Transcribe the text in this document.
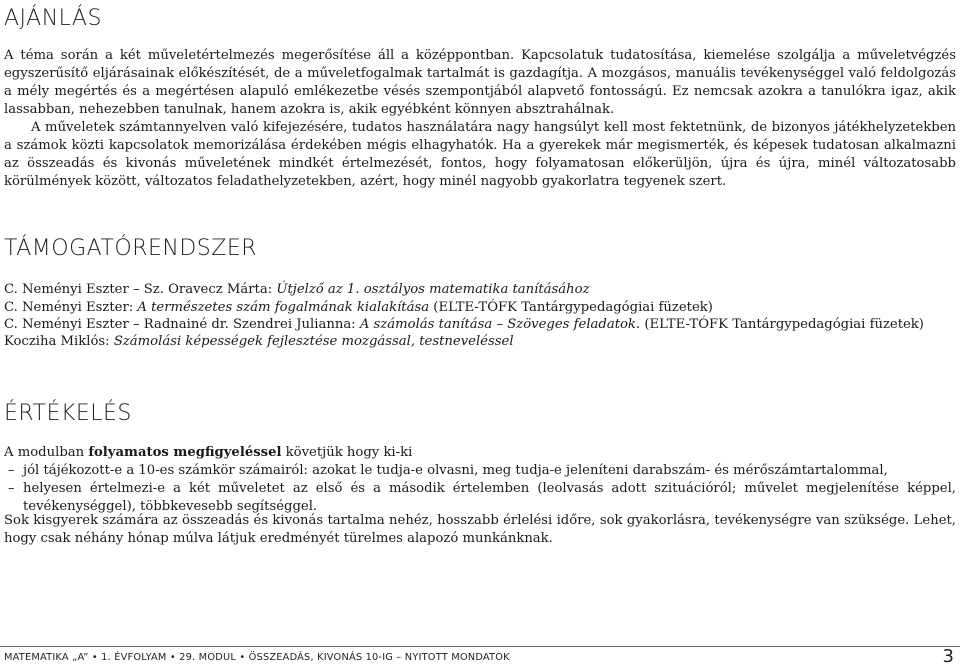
AJÁNLÁS

A téma során a két műveletértelmezés megerősítése áll a középpontban. Kapcsolatuk tudatosítása, kiemelése szolgálja a műveletvégzés egyszerűsítő eljárásainak előkészítését, de a műveletfogalmak tartalmát is gazdagítja. A mozgásos, manuális tevékenységgel való feldolgozás a mély megértés és a megértésen alapuló emlékezetbe vésés szempontjából alapvető fontosságú. Ez nemcsak azokra a tanulókra igaz, akik lassabban, nehezebben tanulnak, hanem azokra is, akik egyébként könnyen absztrahálnak.

A műveletek számtannyelven való kifejezésére, tudatos használatára nagy hangsúlyt kell most fektetnünk, de bizonyos játékhelyzetekben a számok közti kapcsolatok memorizálása érdekében mégis elhagyhatók. Ha a gyerekek már megismerték, és képesek tudatosan alkalmazni az összeadás és kivonás műveletének mindkét értelmezését, fontos, hogy folyamatosan előkerüljön, újra és újra, minél változatosabb körülmények között, változatos feladathelyzetekben, azért, hogy minél nagyobb gyakorlatra tegyenek szert.

TÁMOGATÓRENDSZER

C. Neményi Eszter – Sz. Oravecz Márta: Útjelző az 1. osztályos matematika tanításához

C. Neményi Eszter: A természetes szám fogalmának kialakítása (ELTE-TÓFK Tantárgypedagógiai füzetek)

C. Neményi Eszter – Radnainé dr. Szendrei Julianna: A számolás tanítása – Szöveges feladatok. (ELTE-TÓFK Tantárgypedagógiai füzetek)

Kocziha Miklós: Számolási képességek fejlesztése mozgással, testneveléssel

ÉRTÉKELÉS

A modulban folyamatos megfigyeléssel követjük hogy ki-ki

– jól tájékozott-e a 10-es számkör számairól: azokat le tudja-e olvasni, meg tudja-e jeleníteni darabszám- és mérőszámtartalommal,
– helyesen értelmezi-e a két műveletet az első és a második értelemben (leolvasás adott szituációról; művelet megjelenítése képpel, tevékenységgel), többkevesebb segítséggel.

Sok kisgyerek számára az összeadás és kivonás tartalma nehéz, hosszabb érlelési időre, sok gyakorlásra, tevékenységre van szüksége. Lehet, hogy csak néhány hónap múlva látjuk eredményét türelmes alapozó munkánknak.

MATEMATIKA „A” • 1. ÉVFOLYAM • 29. MODUL • ÖSSZEADÁS, KIVONÁS 10-IG – NYITOTT MONDATOK	3
